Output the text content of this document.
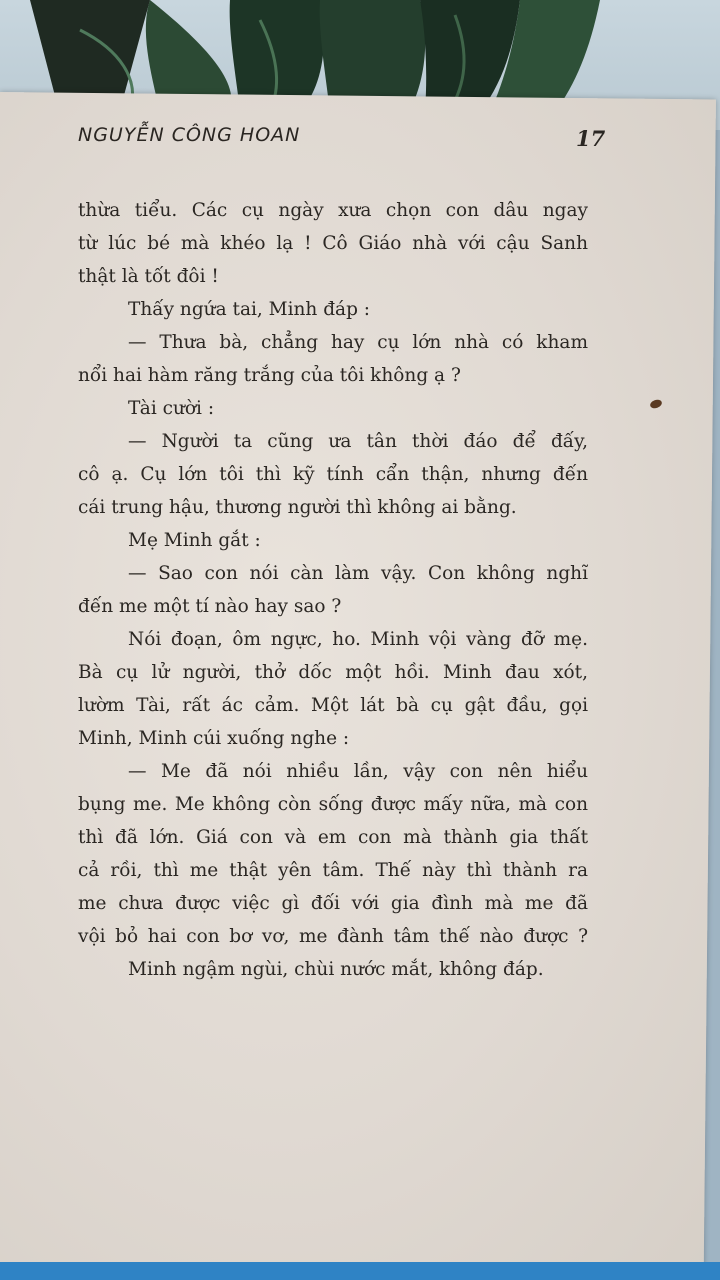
NGUYỄN CÔNG HOAN	17
thừa tiểu. Các cụ ngày xưa chọn con dâu ngay
từ lúc bé mà khéo lạ ! Cô Giáo nhà với cậu Sanh
thật là tốt đôi !
Thấy ngứa tai, Minh đáp :
— Thưa bà, chẳng hay cụ lớn nhà có kham
nổi hai hàm răng trắng của tôi không ạ ?
Tài cười :
— Người ta cũng ưa tân thời đáo để đấy,
cô ạ. Cụ lớn tôi thì kỹ tính cẩn thận, nhưng đến
cái trung hậu, thương người thì không ai bằng.
Mẹ Minh gắt :
— Sao con nói càn làm vậy. Con không nghĩ
đến me một tí nào hay sao ?
Nói đoạn, ôm ngực, ho. Minh vội vàng đỡ mẹ.
Bà cụ lử người, thở dốc một hồi. Minh đau xót,
lườm Tài, rất ác cảm. Một lát bà cụ gật đầu, gọi
Minh, Minh cúi xuống nghe :
— Me đã nói nhiều lần, vậy con nên hiểu
bụng me. Me không còn sống được mấy nữa, mà con
thì đã lớn. Giá con và em con mà thành gia thất
cả rồi, thì me thật yên tâm. Thế này thì thành ra
me chưa được việc gì đối với gia đình mà me đã
vội bỏ hai con bơ vơ, me đành tâm thế nào được ?
Minh ngậm ngùi, chùi nước mắt, không đáp.
